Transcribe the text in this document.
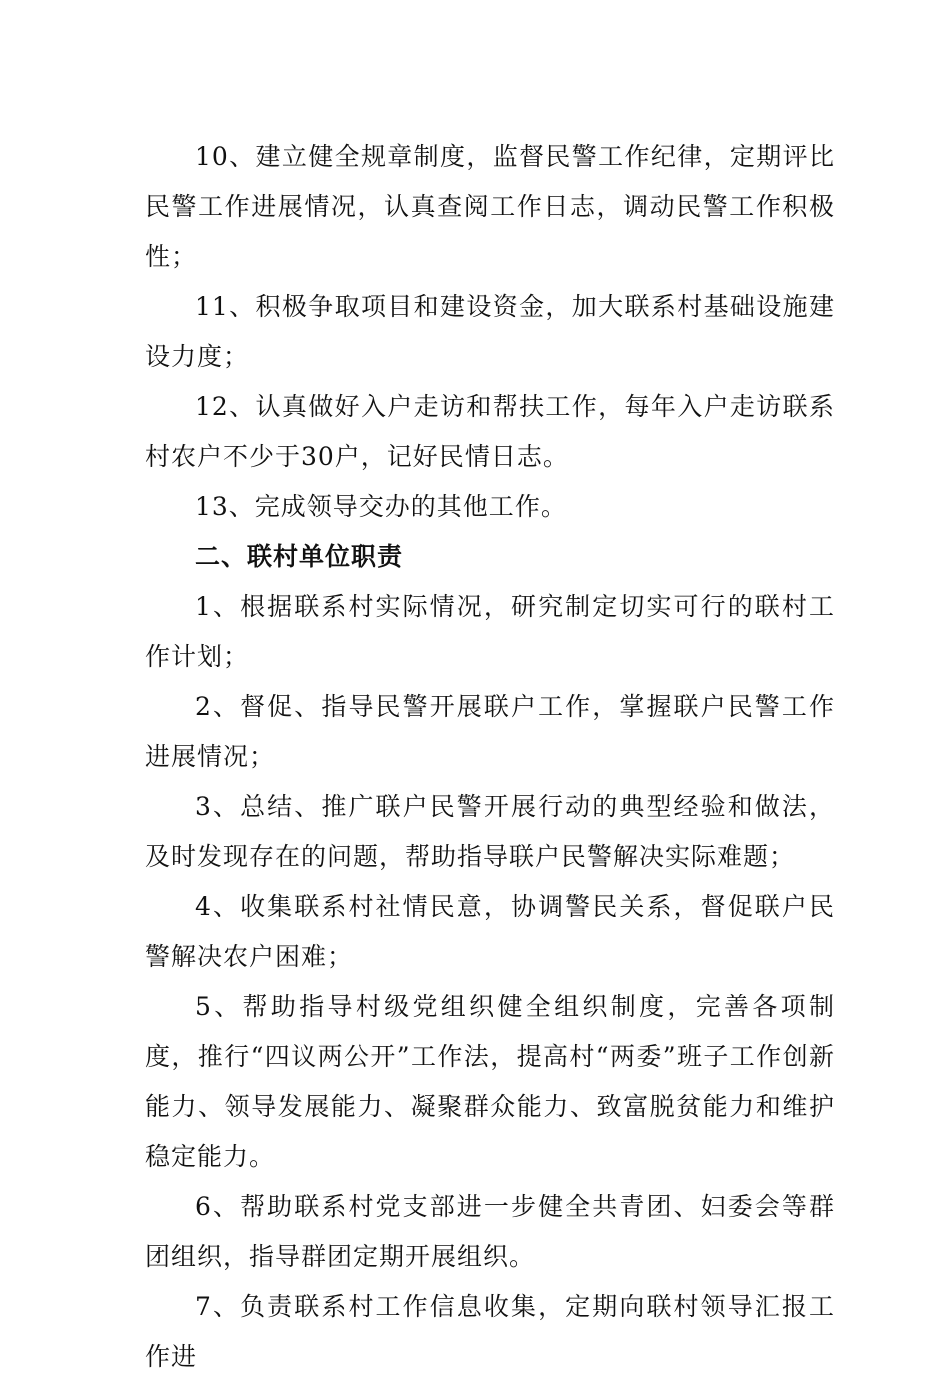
10、建立健全规章制度，监督民警工作纪律，定期评比民警工作进展情况，认真查阅工作日志，调动民警工作积极性；

11、积极争取项目和建设资金，加大联系村基础设施建设力度；

12、认真做好入户走访和帮扶工作，每年入户走访联系村农户不少于30户，记好民情日志。

13、完成领导交办的其他工作。

二、联村单位职责

1、根据联系村实际情况，研究制定切实可行的联村工作计划；

2、督促、指导民警开展联户工作，掌握联户民警工作进展情况；

3、总结、推广联户民警开展行动的典型经验和做法，及时发现存在的问题，帮助指导联户民警解决实际难题；

4、收集联系村社情民意，协调警民关系，督促联户民警解决农户困难；

5、帮助指导村级党组织健全组织制度，完善各项制度，推行“四议两公开”工作法，提高村“两委”班子工作创新能力、领导发展能力、凝聚群众能力、致富脱贫能力和维护稳定能力。

6、帮助联系村党支部进一步健全共青团、妇委会等群团组织，指导群团定期开展组织。

7、负责联系村工作信息收集，定期向联村领导汇报工作进
